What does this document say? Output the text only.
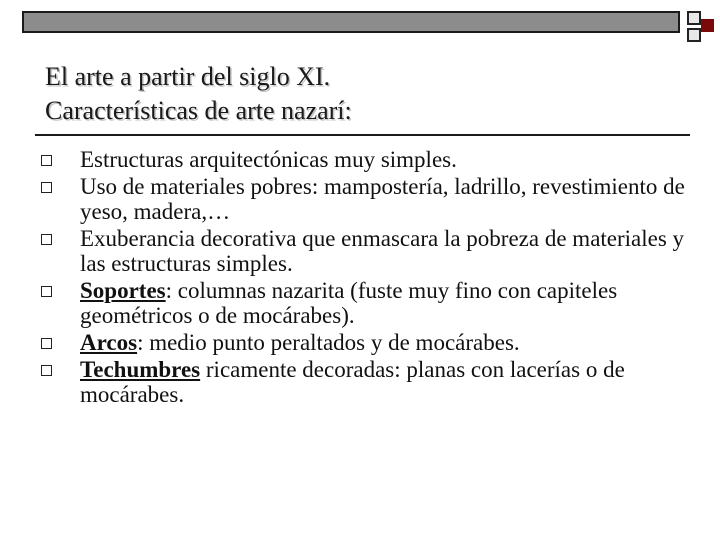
El arte a partir del siglo XI.
Características de arte nazarí:
Estructuras arquitectónicas muy simples.
Uso de materiales pobres: mampostería, ladrillo, revestimiento de yeso, madera,…
Exuberancia decorativa que enmascara la pobreza de materiales y las estructuras simples.
Soportes: columnas nazarita (fuste muy fino con capiteles geométricos o de mocárabes).
Arcos: medio punto peraltados y de mocárabes.
Techumbres ricamente decoradas: planas con lacerías o de mocárabes.
